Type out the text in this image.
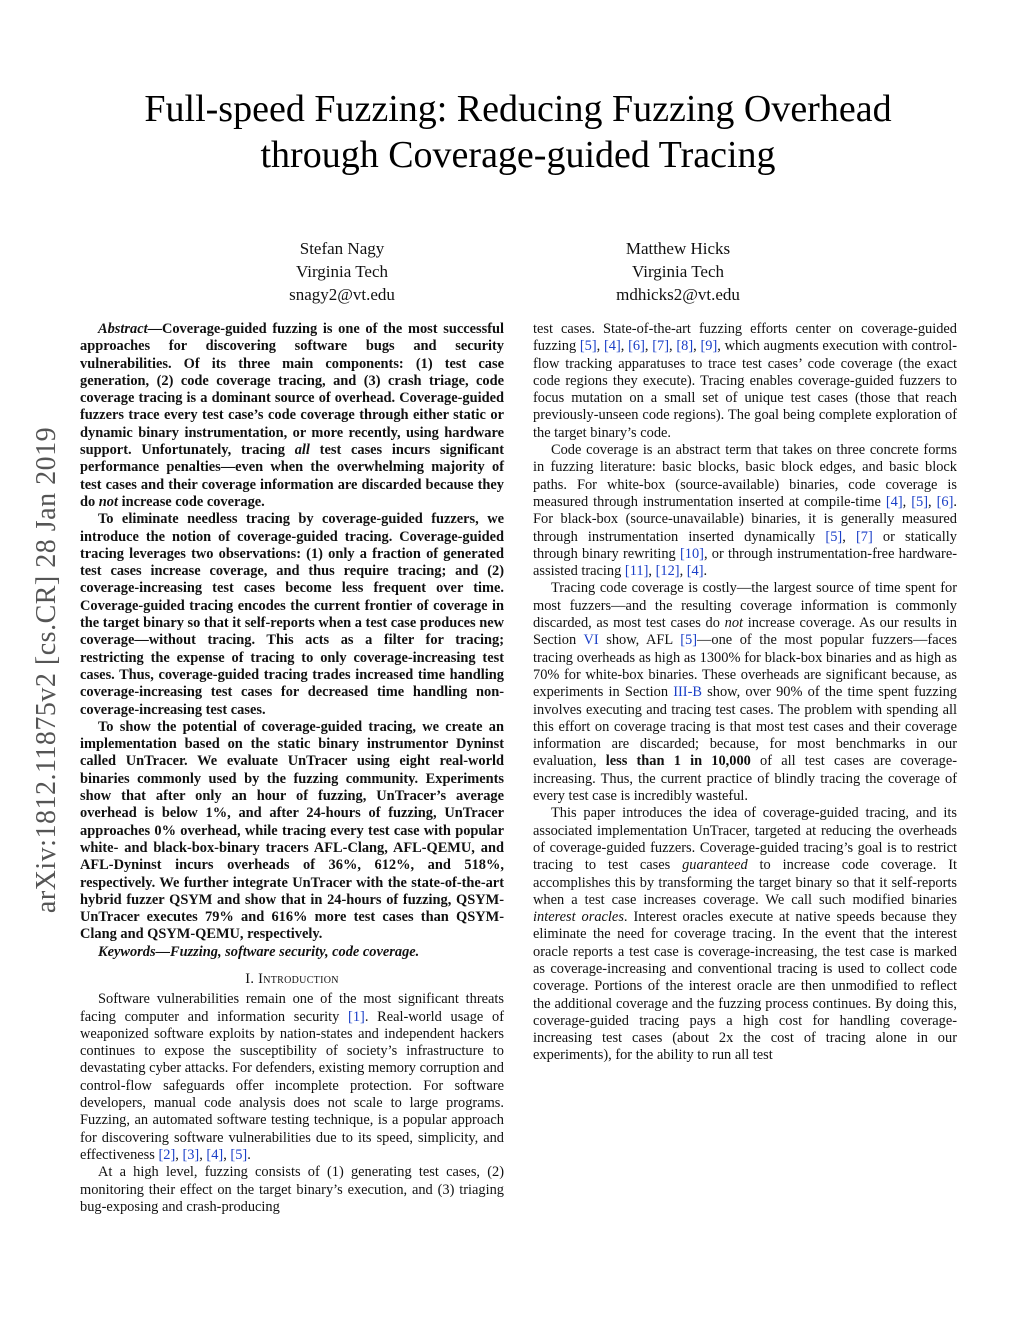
Full-speed Fuzzing: Reducing Fuzzing Overhead
through Coverage-guided Tracing
Stefan Nagy
Virginia Tech
snagy2@vt.edu
Matthew Hicks
Virginia Tech
mdhicks2@vt.edu
arXiv:1812.11875v2 [cs.CR] 28 Jan 2019

Abstract—Coverage-guided fuzzing is one of the most successful approaches for discovering software bugs and security vulnerabilities. Of its three main components: (1) test case generation, (2) code coverage tracing, and (3) crash triage, code coverage tracing is a dominant source of overhead. Coverage-guided fuzzers trace every test case’s code coverage through either static or dynamic binary instrumentation, or more recently, using hardware support. Unfortunately, tracing all test cases incurs significant performance penalties—even when the overwhelming majority of test cases and their coverage information are discarded because they do not increase code coverage.

To eliminate needless tracing by coverage-guided fuzzers, we introduce the notion of coverage-guided tracing. Coverage-guided tracing leverages two observations: (1) only a fraction of generated test cases increase coverage, and thus require tracing; and (2) coverage-increasing test cases become less frequent over time. Coverage-guided tracing encodes the current frontier of coverage in the target binary so that it self-reports when a test case produces new coverage—without tracing. This acts as a filter for tracing; restricting the expense of tracing to only coverage-increasing test cases. Thus, coverage-guided tracing trades increased time handling coverage-increasing test cases for decreased time handling non-coverage-increasing test cases.

To show the potential of coverage-guided tracing, we create an implementation based on the static binary instrumentor Dyninst called UnTracer. We evaluate UnTracer using eight real-world binaries commonly used by the fuzzing community. Experiments show that after only an hour of fuzzing, UnTracer’s average overhead is below 1%, and after 24-hours of fuzzing, UnTracer approaches 0% overhead, while tracing every test case with popular white- and black-box-binary tracers AFL-Clang, AFL-QEMU, and AFL-Dyninst incurs overheads of 36%, 612%, and 518%, respectively. We further integrate UnTracer with the state-of-the-art hybrid fuzzer QSYM and show that in 24-hours of fuzzing, QSYM-UnTracer executes 79% and 616% more test cases than QSYM-Clang and QSYM-QEMU, respectively.

Keywords—Fuzzing, software security, code coverage.

I. Introduction

Software vulnerabilities remain one of the most significant threats facing computer and information security [1]. Real-world usage of weaponized software exploits by nation-states and independent hackers continues to expose the susceptibility of society’s infrastructure to devastating cyber attacks. For defenders, existing memory corruption and control-flow safeguards offer incomplete protection. For software developers, manual code analysis does not scale to large programs. Fuzzing, an automated software testing technique, is a popular approach for discovering software vulnerabilities due to its speed, simplicity, and effectiveness [2], [3], [4], [5].

At a high level, fuzzing consists of (1) generating test cases, (2) monitoring their effect on the target binary’s execution, and (3) triaging bug-exposing and crash-producing

test cases. State-of-the-art fuzzing efforts center on coverage-guided fuzzing [5], [4], [6], [7], [8], [9], which augments execution with control-flow tracking apparatuses to trace test cases’ code coverage (the exact code regions they execute). Tracing enables coverage-guided fuzzers to focus mutation on a small set of unique test cases (those that reach previously-unseen code regions). The goal being complete exploration of the target binary’s code.

Code coverage is an abstract term that takes on three concrete forms in fuzzing literature: basic blocks, basic block edges, and basic block paths. For white-box (source-available) binaries, code coverage is measured through instrumentation inserted at compile-time [4], [5], [6]. For black-box (source-unavailable) binaries, it is generally measured through instrumentation inserted dynamically [5], [7] or statically through binary rewriting [10], or through instrumentation-free hardware-assisted tracing [11], [12], [4].

Tracing code coverage is costly—the largest source of time spent for most fuzzers—and the resulting coverage information is commonly discarded, as most test cases do not increase coverage. As our results in Section VI show, AFL [5]—one of the most popular fuzzers—faces tracing overheads as high as 1300% for black-box binaries and as high as 70% for white-box binaries. These overheads are significant because, as experiments in Section III-B show, over 90% of the time spent fuzzing involves executing and tracing test cases. The problem with spending all this effort on coverage tracing is that most test cases and their coverage information are discarded; because, for most benchmarks in our evaluation, less than 1 in 10,000 of all test cases are coverage-increasing. Thus, the current practice of blindly tracing the coverage of every test case is incredibly wasteful.

This paper introduces the idea of coverage-guided tracing, and its associated implementation UnTracer, targeted at reducing the overheads of coverage-guided fuzzers. Coverage-guided tracing’s goal is to restrict tracing to test cases guaranteed to increase code coverage. It accomplishes this by transforming the target binary so that it self-reports when a test case increases coverage. We call such modified binaries interest oracles. Interest oracles execute at native speeds because they eliminate the need for coverage tracing. In the event that the interest oracle reports a test case is coverage-increasing, the test case is marked as coverage-increasing and conventional tracing is used to collect code coverage. Portions of the interest oracle are then unmodified to reflect the additional coverage and the fuzzing process continues. By doing this, coverage-guided tracing pays a high cost for handling coverage-increasing test cases (about 2x the cost of tracing alone in our experiments), for the ability to run all test
